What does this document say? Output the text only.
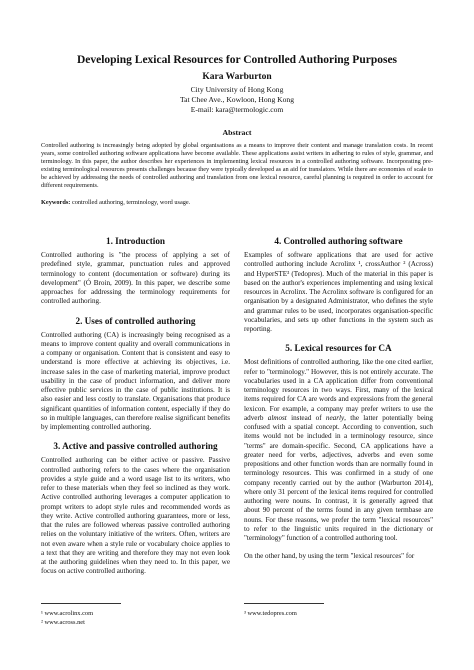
Developing Lexical Resources for Controlled Authoring Purposes
Kara Warburton
City University of Hong Kong
Tat Chee Ave., Kowloon, Hong Kong
E-mail: kara@termologic.com
Abstract
Controlled authoring is increasingly being adopted by global organisations as a means to improve their content and manage translation costs. In recent years, some controlled authoring software applications have become available. These applications assist writers in adhering to rules of style, grammar, and terminology. In this paper, the author describes her experiences in implementing lexical resources in a controlled authoring software. Incorporating pre-existing terminological resources presents challenges because they were typically developed as an aid for translators. While there are economies of scale to be achieved by addressing the needs of controlled authoring and translation from one lexical resource, careful planning is required in order to account for different requirements.
Keywords: controlled authoring, terminology, word usage.
1. Introduction

Controlled authoring is "the process of applying a set of predefined style, grammar, punctuation rules and approved terminology to content (documentation or software) during its development" (Ó Broin, 2009). In this paper, we describe some approaches for addressing the terminology requirements for controlled authoring.

2. Uses of controlled authoring

Controlled authoring (CA) is increasingly being recognised as a means to improve content quality and overall communications in a company or organisation. Content that is consistent and easy to understand is more effective at achieving its objectives, i.e. increase sales in the case of marketing material, improve product usability in the case of product information, and deliver more effective public services in the case of public institutions. It is also easier and less costly to translate. Organisations that produce significant quantities of information content, especially if they do so in multiple languages, can therefore realise significant benefits by implementing controlled authoring.

3. Active and passive controlled authoring

Controlled authoring can be either active or passive. Passive controlled authoring refers to the cases where the organisation provides a style guide and a word usage list to its writers, who refer to these materials when they feel so inclined as they work. Active controlled authoring leverages a computer application to prompt writers to adopt style rules and recommended words as they write. Active controlled authoring guarantees, more or less, that the rules are followed whereas passive controlled authoring relies on the voluntary initiative of the writers. Often, writers are not even aware when a style rule or vocabulary choice applies to a text that they are writing and therefore they may not even look at the authoring guidelines when they need to. In this paper, we focus on active controlled authoring.

4. Controlled authoring software

Examples of software applications that are used for active controlled authoring include Acrolinx ¹, crossAuthor ² (Across) and HyperSTE³ (Tedopres). Much of the material in this paper is based on the author's experiences implementing and using lexical resources in Acrolinx. The Acrolinx software is configured for an organisation by a designated Administrator, who defines the style and grammar rules to be used, incorporates organisation-specific vocabularies, and sets up other functions in the system such as reporting.

5. Lexical resources for CA

Most definitions of controlled authoring, like the one cited earlier, refer to "terminology." However, this is not entirely accurate. The vocabularies used in a CA application differ from conventional terminology resources in two ways. First, many of the lexical items required for CA are words and expressions from the general lexicon. For example, a company may prefer writers to use the adverb almost instead of nearly, the latter potentially being confused with a spatial concept. According to convention, such items would not be included in a terminology resource, since "terms" are domain-specific. Second, CA applications have a greater need for verbs, adjectives, adverbs and even some prepositions and other function words than are normally found in terminology resources. This was confirmed in a study of one company recently carried out by the author (Warburton 2014), where only 31 percent of the lexical items required for controlled authoring were nouns. In contrast, it is generally agreed that about 90 percent of the terms found in any given termbase are nouns. For these reasons, we prefer the term "lexical resources" to refer to the linguistic units required in the dictionary or "terminology" function of a controlled authoring tool.

On the other hand, by using the term "lexical resources" for

¹ www.acrolinx.com
² www.across.net
³ www.tedopres.com
